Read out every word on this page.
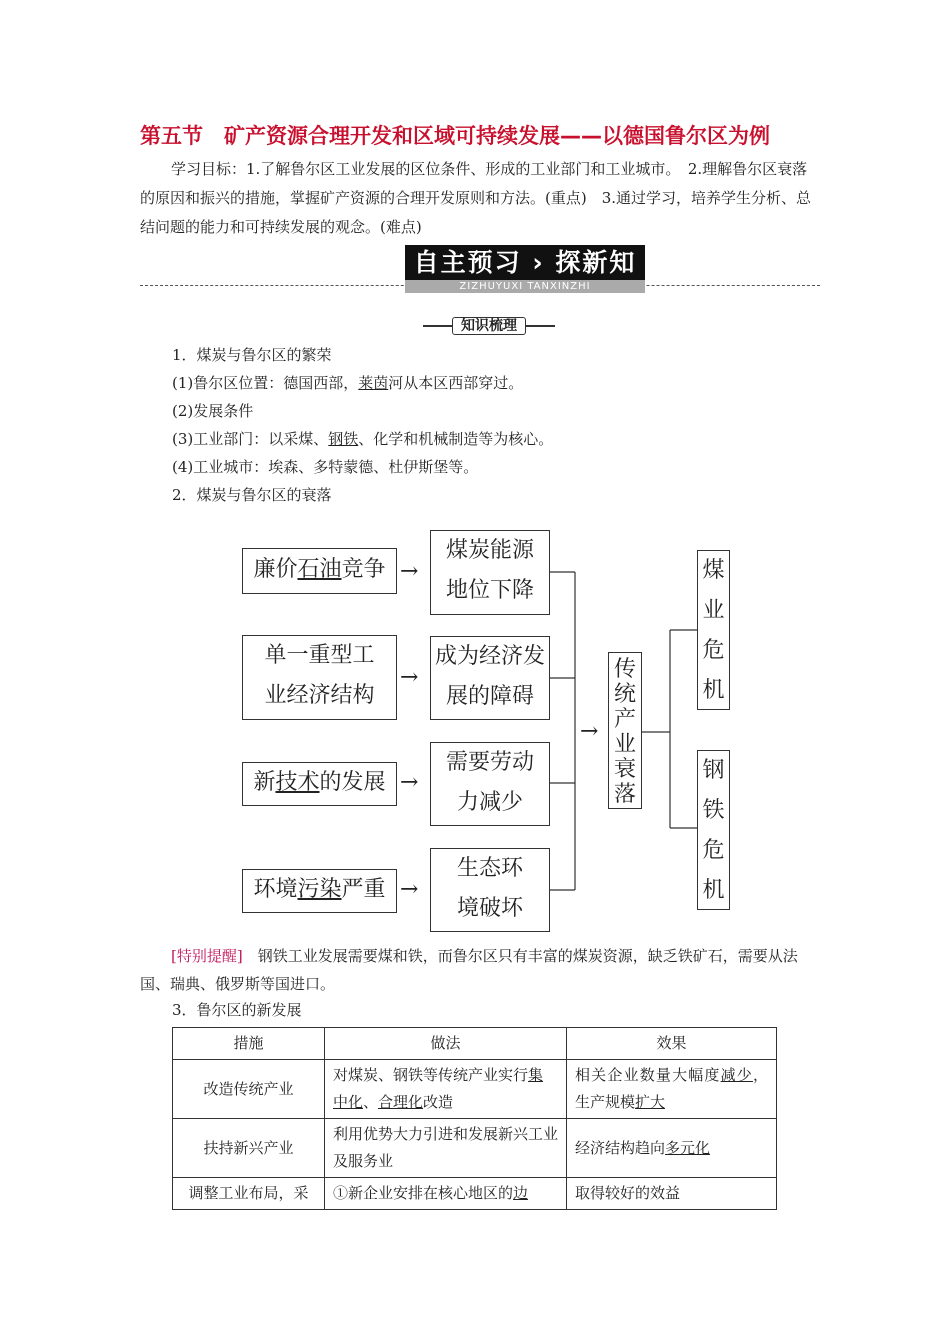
第五节　矿产资源合理开发和区域可持续发展——以德国鲁尔区为例
学习目标：1.了解鲁尔区工业发展的区位条件、形成的工业部门和工业城市。　2.理解鲁尔区衰落的原因和振兴的措施，掌握矿产资源的合理开发原则和方法。(重点)　3.通过学习，培养学生分析、总结问题的能力和可持续发展的观念。(难点)
自主预习 › 探新知
ZIZHUYUXI TANXINZHI
知识梳理
1．煤炭与鲁尔区的繁荣
(1)鲁尔区位置：德国西部，莱茵河从本区西部穿过。
(2)发展条件
(3)工业部门：以采煤、钢铁、化学和机械制造等为核心。
(4)工业城市：埃森、多特蒙德、杜伊斯堡等。
2．煤炭与鲁尔区的衰落
廉价石油竞争
单一重型工
业经济结构
新技术的发展
环境污染严重
→
→
→
→
煤炭能源
地位下降
成为经济发
展的障碍
需要劳动
力减少
生态环
境破坏
→
传统产业衰落
煤业危机
钢铁危机
[特别提醒]　钢铁工业发展需要煤和铁，而鲁尔区只有丰富的煤炭资源，缺乏铁矿石，需要从法国、瑞典、俄罗斯等国进口。
3．鲁尔区的新发展
措施	做法	效果
改造传统产业	对煤炭、钢铁等传统产业实行集中化、合理化改造	相关企业数量大幅度减少，生产规模扩大
扶持新兴产业	利用优势大力引进和发展新兴工业及服务业	经济结构趋向多元化
调整工业布局，采	①新企业安排在核心地区的边	取得较好的效益
